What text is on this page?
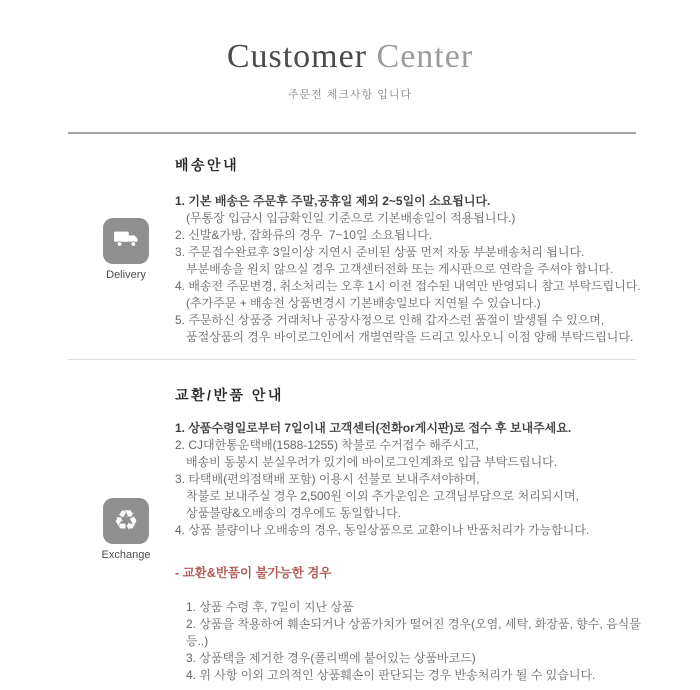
Customer Center
주문전 체크사항 입니다
Delivery
배송안내
1. 기본 배송은 주문후 주말,공휴일 제외 2~5일이 소요됩니다.
(무통장 입금시 입금확인일 기준으로 기본배송일이 적용됩니다.)
2. 신발&가방, 잡화류의 경우  7~10일 소요됩니다.
3. 주문접수완료후 3일이상 지연시 준비된 상품 먼저 자동 부분배송처리 됩니다.
부분배송을 원치 않으실 경우 고객센터전화 또는 게시판으로 연락을 주셔야 합니다.
4. 배송전 주문변경, 취소처리는 오후 1시 이전 접수된 내역만 반영되니 참고 부탁드립니다.
(추가주문 + 배송전 상품변경시 기본배송일보다 지연될 수 있습니다.)
5. 주문하신 상품중 거래처나 공장사정으로 인해 갑자스런 품절이 발생될 수 있으며,
품절상품의 경우 바이로그인에서 개별연락을 드리고 있사오니 이점 양해 부탁드립니다.
♻
Exchange
교환/반품 안내
1. 상품수령일로부터 7일이내 고객센터(전화or게시판)로 접수 후 보내주세요.
2. CJ대한통운택배(1588-1255) 착불로 수거접수 해주시고,
배송비 동봉시 분실우려가 있기에 바이로그인계좌로 입금 부탁드립니다.
3. 타택배(편의점택배 포함) 이용시 선불로 보내주셔야하며,
착불로 보내주실 경우 2,500원 이외 추가운임은 고객님부담으로 처리되시며,
상품불량&오배송의 경우에도 동일합니다.
4. 상품 불량이나 오배송의 경우, 동일상품으로 교환이나 반품처리가 가능합니다.
- 교환&반품이 불가능한 경우
1. 상품 수령 후, 7일이 지난 상품
2. 상품을 착용하여 훼손되거나 상품가치가 떨어진 경우(오염, 세탁, 화장품, 향수, 음식물 등..)
3. 상품택을 제거한 경우(폴리백에 붙어있는 상품바코드)
4. 위 사항 이외 고의적인 상품훼손이 판단되는 경우 반송처리가 될 수 있습니다.
